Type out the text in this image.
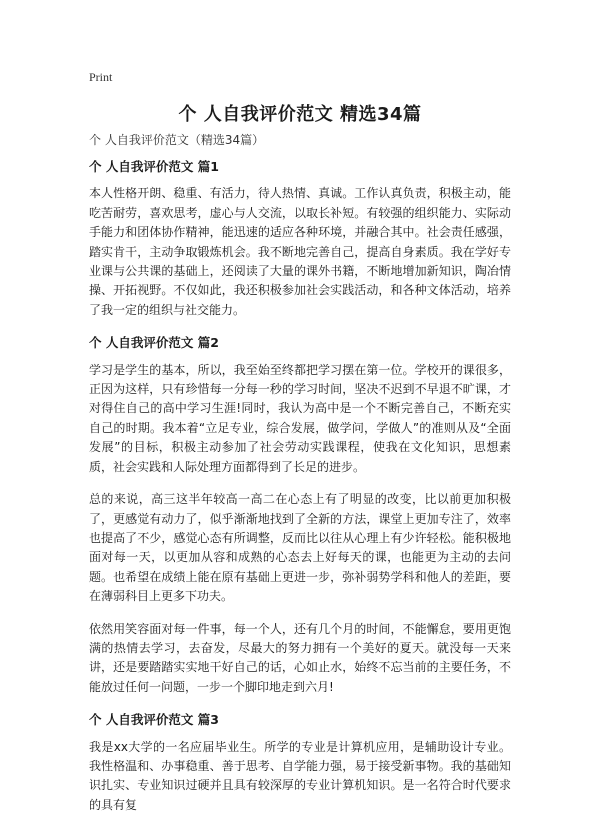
Print
个 人自我评价范文 精选34篇
个 人自我评价范文（精选34篇）
个 人自我评价范文 篇1

本人性格开朗、稳重、有活力，待人热情、真诚。工作认真负责，积极主动，能吃苦耐劳，喜欢思考，虚心与人交流，以取长补短。有较强的组织能力、实际动手能力和团体协作精神，能迅速的适应各种环境，并融合其中。社会责任感强，踏实肯干，主动争取锻炼机会。我不断地完善自己，提高自身素质。我在学好专业课与公共课的基础上，还阅读了大量的课外书籍，不断地增加新知识，陶冶情操、开拓视野。不仅如此，我还积极参加社会实践活动，和各种文体活动，培养了我一定的组织与社交能力。

个 人自我评价范文 篇2

学习是学生的基本，所以，我至始至终都把学习摆在第一位。学校开的课很多，正因为这样，只有珍惜每一分每一秒的学习时间，坚决不迟到不早退不旷课，才对得住自己的高中学习生涯!同时，我认为高中是一个不断完善自己，不断充实自己的时期。我本着“立足专业，综合发展，做学问，学做人”的准则从及“全面发展”的目标，积极主动参加了社会劳动实践课程，使我在文化知识，思想素质，社会实践和人际处理方面都得到了长足的进步。

总的来说，高三这半年较高一高二在心态上有了明显的改变，比以前更加积极了，更感觉有动力了，似乎渐渐地找到了全新的方法，课堂上更加专注了，效率也提高了不少，感觉心态有所调整，反而比以往从心理上有少许轻松。能积极地面对每一天，以更加从容和成熟的心态去上好每天的课，也能更为主动的去问题。也希望在成绩上能在原有基础上更进一步，弥补弱势学科和他人的差距，要在薄弱科目上更多下功夫。

依然用笑容面对每一件事，每一个人，还有几个月的时间，不能懈怠，要用更饱满的热情去学习，去奋发，尽最大的努力拥有一个美好的夏天。就没每一天来讲，还是要踏踏实实地干好自己的话，心如止水，始终不忘当前的主要任务，不能放过任何一问题，一步一个脚印地走到六月!

个 人自我评价范文 篇3

我是xx大学的一名应届毕业生。所学的专业是计算机应用，是辅助设计专业。我性格温和、办事稳重、善于思考、自学能力强，易于接受新事物。我的基础知识扎实、专业知识过硬并且具有较深厚的专业计算机知识。是一名符合时代要求的具有复
